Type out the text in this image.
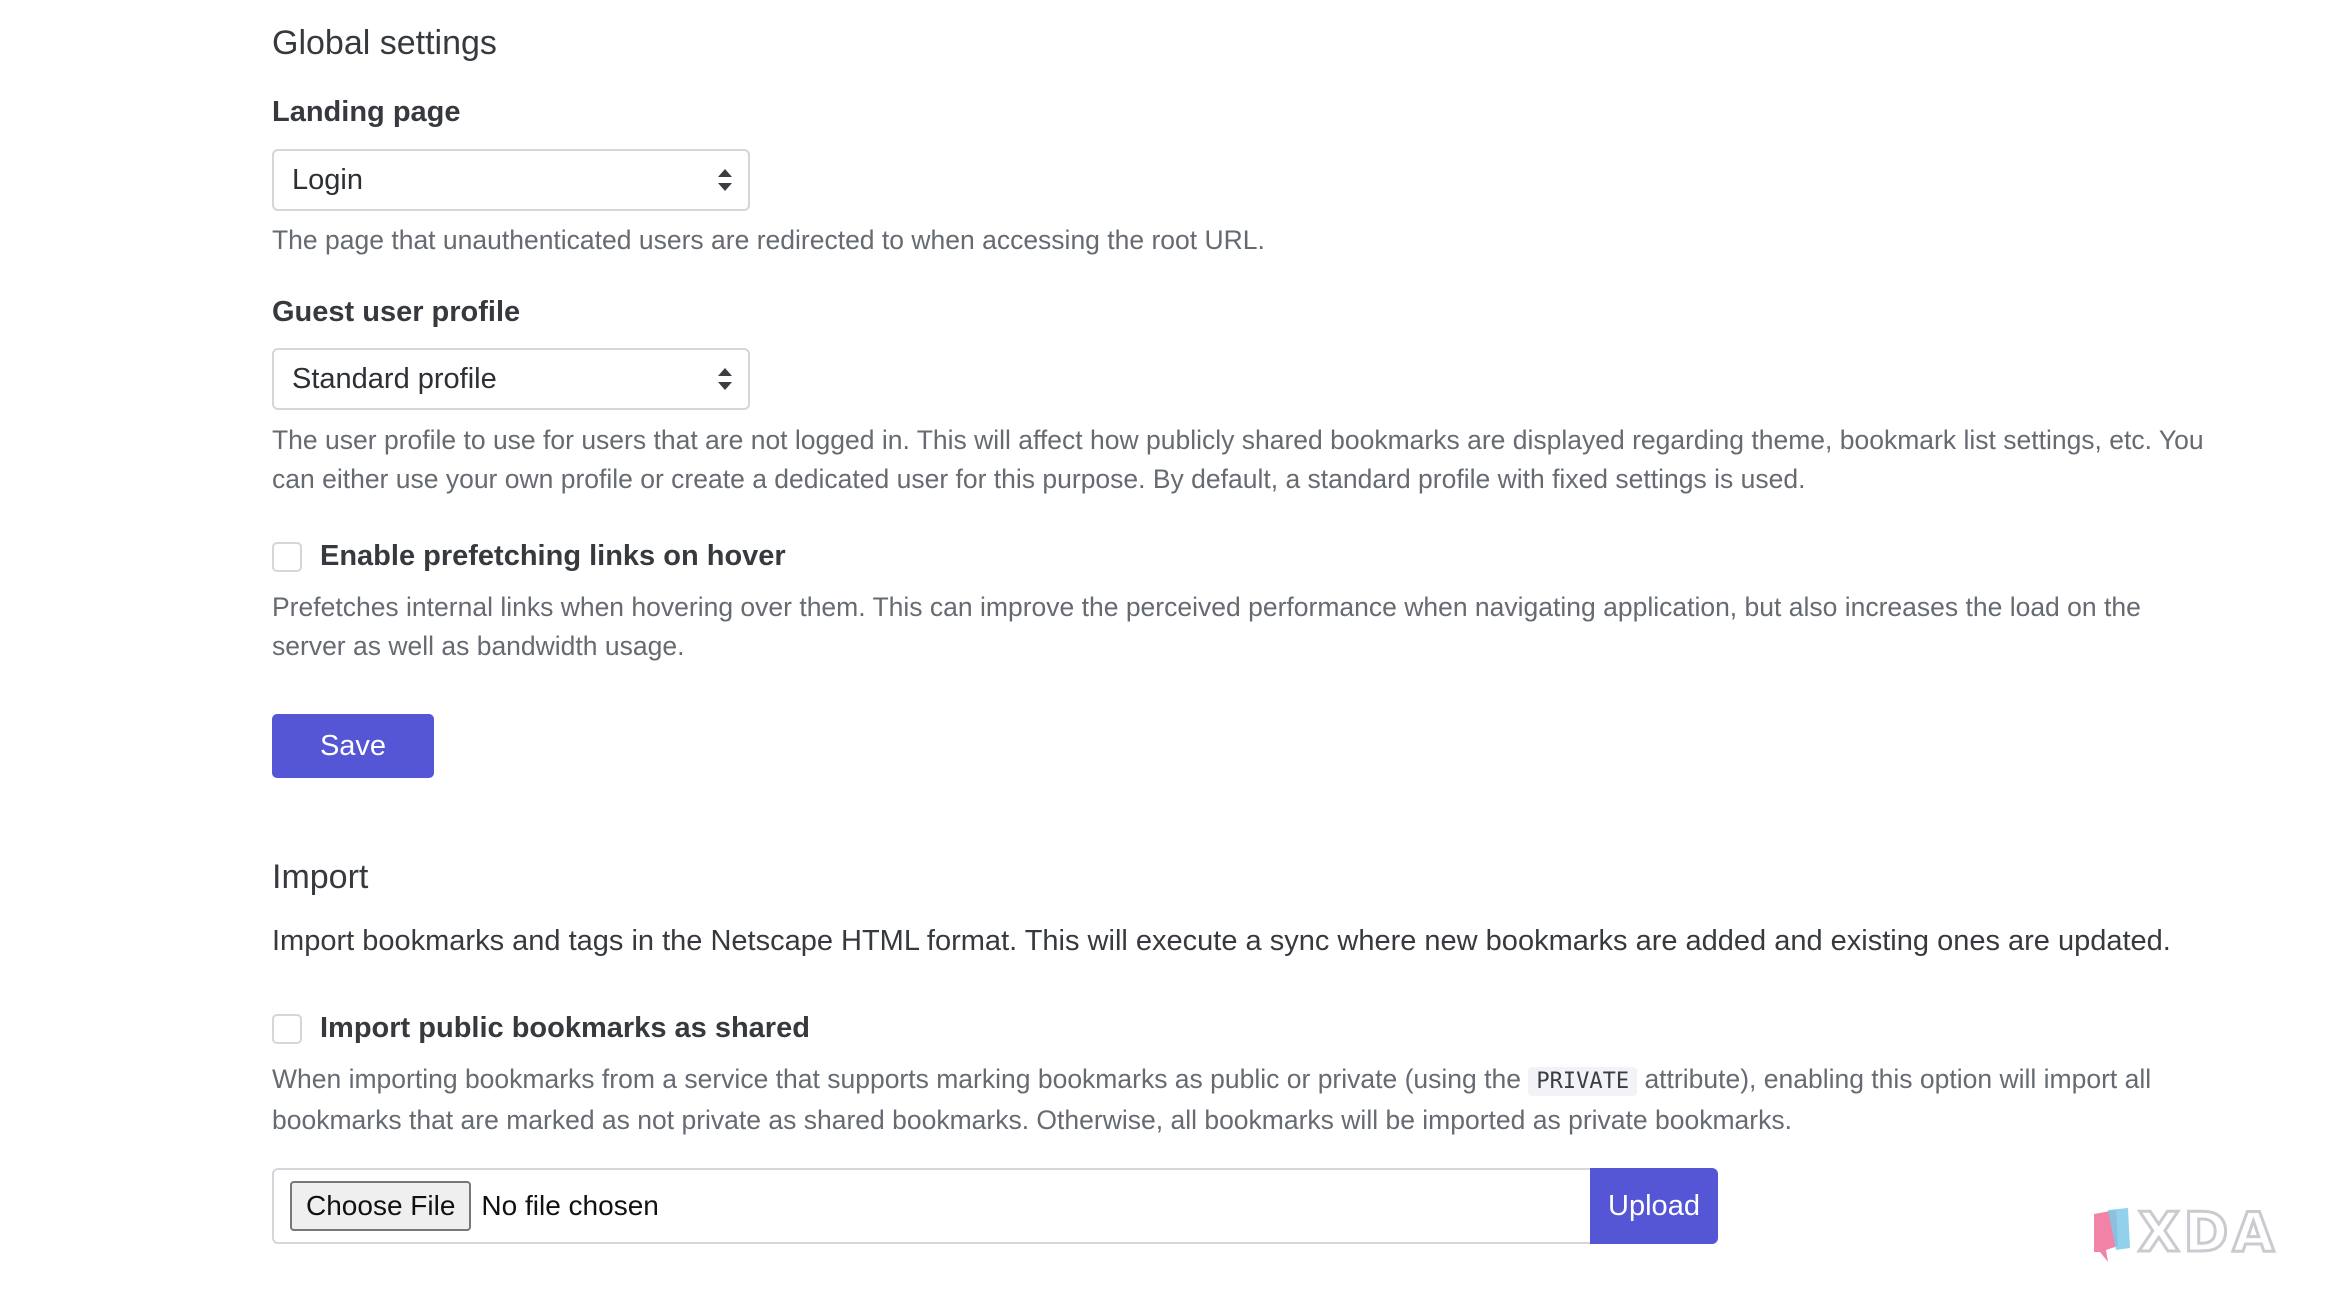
Global settings
Landing page
Login
The page that unauthenticated users are redirected to when accessing the root URL.
Guest user profile
Standard profile
The user profile to use for users that are not logged in. This will affect how publicly shared bookmarks are displayed regarding theme, bookmark list settings, etc. You can either use your own profile or create a dedicated user for this purpose. By default, a standard profile with fixed settings is used.
Enable prefetching links on hover
Prefetches internal links when hovering over them. This can improve the perceived performance when navigating application, but also increases the load on the server as well as bandwidth usage.
Save
Import
Import bookmarks and tags in the Netscape HTML format. This will execute a sync where new bookmarks are added and existing ones are updated.
Import public bookmarks as shared
When importing bookmarks from a service that supports marking bookmarks as public or private (using the PRIVATE attribute), enabling this option will import all bookmarks that are marked as not private as shared bookmarks. Otherwise, all bookmarks will be imported as private bookmarks.
Choose File No file chosen	Upload	XDA
